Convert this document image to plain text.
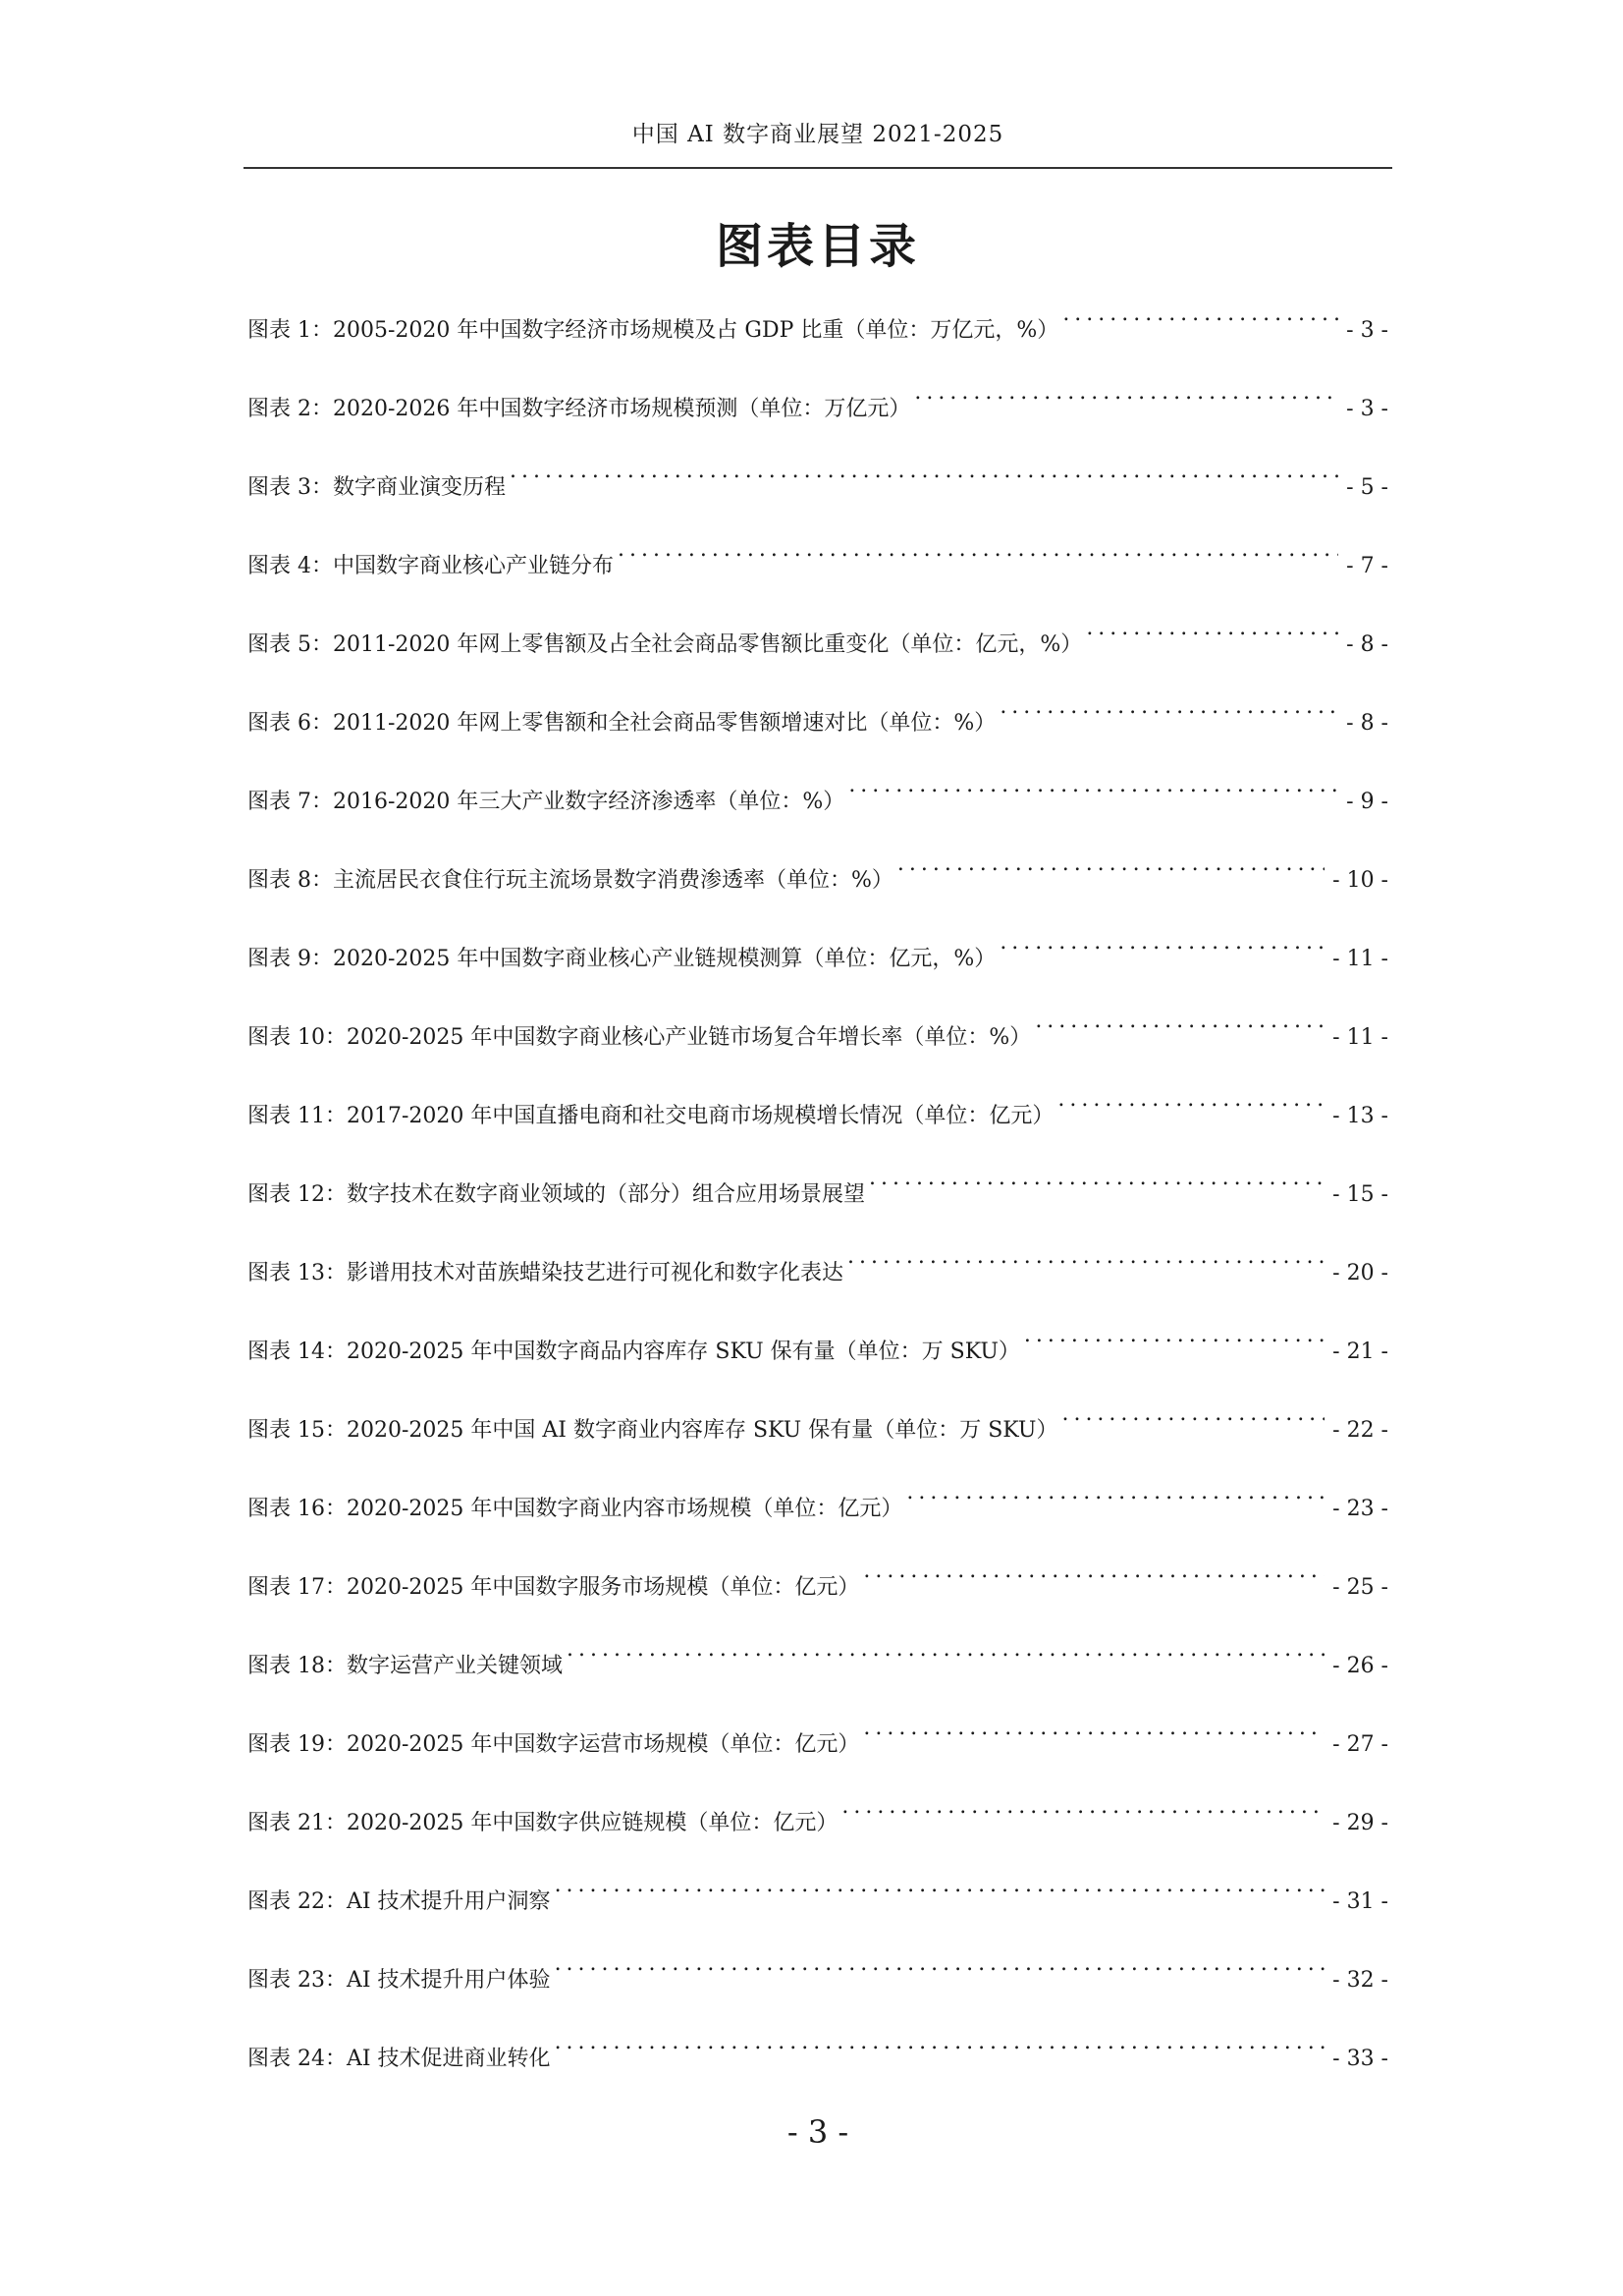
中国 AI 数字商业展望 2021-2025
图表目录
图表 1：2005-2020 年中国数字经济市场规模及占 GDP 比重（单位：万亿元，%） . . .	- 3 -
图表 2：2020-2026 年中国数字经济市场规模预测（单位：万亿元） . . .	- 3 -
图表 3：数字商业演变历程 . . .	- 5 -
图表 4：中国数字商业核心产业链分布 . . .	- 7 -
图表 5：2011-2020 年网上零售额及占全社会商品零售额比重变化（单位：亿元，%） . . .	- 8 -
图表 6：2011-2020 年网上零售额和全社会商品零售额增速对比（单位：%） . . .	- 8 -
图表 7：2016-2020 年三大产业数字经济渗透率（单位：%） . . .	- 9 -
图表 8：主流居民衣食住行玩主流场景数字消费渗透率（单位：%） . . .	- 10 -
图表 9：2020-2025 年中国数字商业核心产业链规模测算（单位：亿元，%） . . .	- 11 -
图表 10：2020-2025 年中国数字商业核心产业链市场复合年增长率（单位：%） . . .	- 11 -
图表 11：2017-2020 年中国直播电商和社交电商市场规模增长情况（单位：亿元） . . .	- 13 -
图表 12：数字技术在数字商业领域的（部分）组合应用场景展望 . . .	- 15 -
图表 13：影谱用技术对苗族蜡染技艺进行可视化和数字化表达 . . .	- 20 -
图表 14：2020-2025 年中国数字商品内容库存 SKU 保有量（单位：万 SKU） . . .	- 21 -
图表 15：2020-2025 年中国 AI 数字商业内容库存 SKU 保有量（单位：万 SKU） . . .	- 22 -
图表 16：2020-2025 年中国数字商业内容市场规模（单位：亿元） . . .	- 23 -
图表 17：2020-2025 年中国数字服务市场规模（单位：亿元） . . .	- 25 -
图表 18：数字运营产业关键领域 . . .	- 26 -
图表 19：2020-2025 年中国数字运营市场规模（单位：亿元） . . .	- 27 -
图表 21：2020-2025 年中国数字供应链规模（单位：亿元） . . .	- 29 -
图表 22：AI 技术提升用户洞察 . . .	- 31 -
图表 23：AI 技术提升用户体验 . . .	- 32 -
图表 24：AI 技术促进商业转化 . . .	- 33 -
- 3 -
